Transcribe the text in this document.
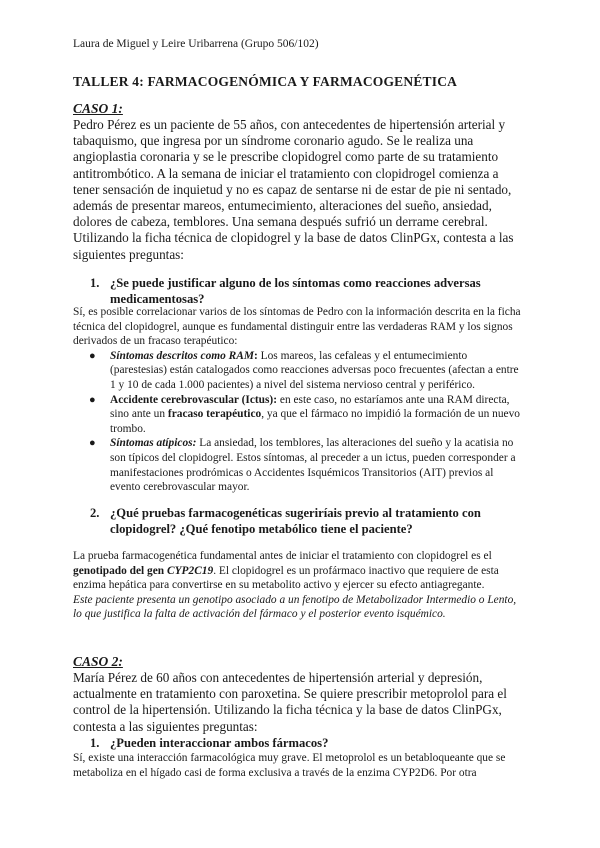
Laura de Miguel y Leire Uribarrena (Grupo 506/102)
TALLER 4: FARMACOGENÓMICA Y FARMACOGENÉTICA

CASO 1:

Pedro Pérez es un paciente de 55 años, con antecedentes de hipertensión arterial y tabaquismo, que ingresa por un síndrome coronario agudo. Se le realiza una angioplastia coronaria y se le prescribe clopidogrel como parte de su tratamiento antitrombótico. A la semana de iniciar el tratamiento con clopidrogel comienza a tener sensación de inquietud y no es capaz de sentarse ni de estar de pie ni sentado, además de presentar mareos, entumecimiento, alteraciones del sueño, ansiedad, dolores de cabeza, temblores. Una semana después sufrió un derrame cerebral. Utilizando la ficha técnica de clopidogrel y la base de datos ClinPGx, contesta a las siguientes preguntas:

1. ¿Se puede justificar alguno de los síntomas como reacciones adversas medicamentosas?

Sí, es posible correlacionar varios de los síntomas de Pedro con la información descrita en la ficha técnica del clopidogrel, aunque es fundamental distinguir entre las verdaderas RAM y los signos derivados de un fracaso terapéutico:

● Síntomas descritos como RAM: Los mareos, las cefaleas y el entumecimiento (parestesias) están catalogados como reacciones adversas poco frecuentes (afectan a entre 1 y 10 de cada 1.000 pacientes) a nivel del sistema nervioso central y periférico.
● Accidente cerebrovascular (Ictus): en este caso, no estaríamos ante una RAM directa, sino ante un fracaso terapéutico, ya que el fármaco no impidió la formación de un nuevo trombo.
● Síntomas atípicos: La ansiedad, los temblores, las alteraciones del sueño y la acatisia no son típicos del clopidogrel. Estos síntomas, al preceder a un ictus, pueden corresponder a manifestaciones prodrómicas o Accidentes Isquémicos Transitorios (AIT) previos al evento cerebrovascular mayor.

2. ¿Qué pruebas farmacogenéticas sugeriríais previo al tratamiento con clopidogrel? ¿Qué fenotipo metabólico tiene el paciente?

La prueba farmacogenética fundamental antes de iniciar el tratamiento con clopidogrel es el genotipado del gen CYP2C19. El clopidogrel es un profármaco inactivo que requiere de esta enzima hepática para convertirse en su metabolito activo y ejercer su efecto antiagregante.

Este paciente presenta un genotipo asociado a un fenotipo de Metabolizador Intermedio o Lento, lo que justifica la falta de activación del fármaco y el posterior evento isquémico.

CASO 2:

María Pérez de 60 años con antecedentes de hipertensión arterial y depresión, actualmente en tratamiento con paroxetina. Se quiere prescribir metoprolol para el control de la hipertensión. Utilizando la ficha técnica y la base de datos ClinPGx, contesta a las siguientes preguntas:

1. ¿Pueden interaccionar ambos fármacos?

Sí, existe una interacción farmacológica muy grave. El metoprolol es un betabloqueante que se metaboliza en el hígado casi de forma exclusiva a través de la enzima CYP2D6. Por otra
